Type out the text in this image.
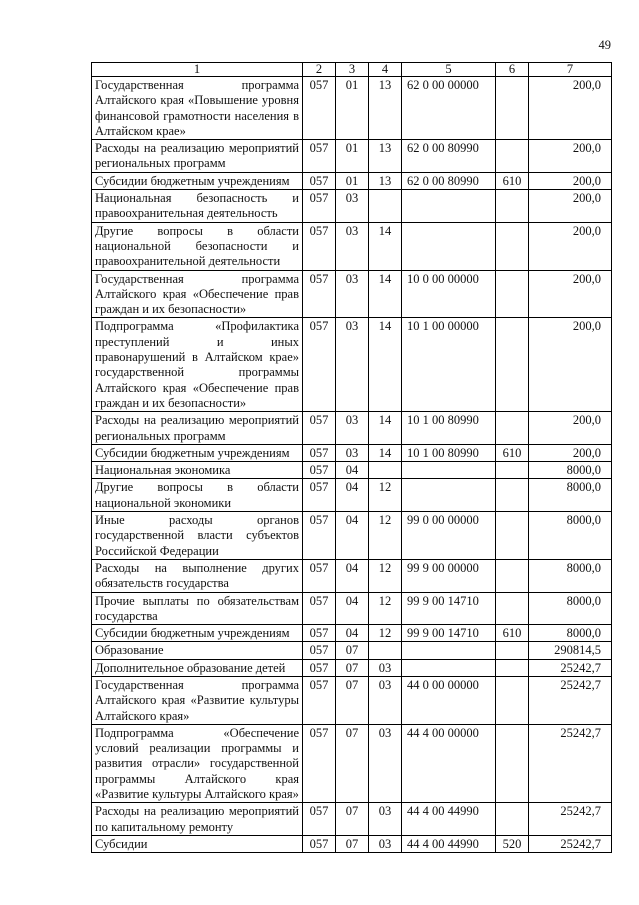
49
1	2	3	4	5	6	7
Государственная программа Алтайского края «Повышение уровня финансовой грамотности населения в Алтайском крае»	057	01	13	62 0 00 00000		200,0
Расходы на реализацию мероприятий региональных программ	057	01	13	62 0 00 80990		200,0
Субсидии бюджетным учреждениям	057	01	13	62 0 00 80990	610	200,0
Национальная безопасность и правоохранительная деятельность	057	03				200,0
Другие вопросы в области национальной безопасности и правоохранительной деятельности	057	03	14			200,0
Государственная программа Алтайского края «Обеспечение прав граждан и их безопасности»	057	03	14	10 0 00 00000		200,0
Подпрограмма «Профилактика преступлений и иных правонарушений в Алтайском крае» государственной программы Алтайского края «Обеспечение прав граждан и их безопасности»	057	03	14	10 1 00 00000		200,0
Расходы на реализацию мероприятий региональных программ	057	03	14	10 1 00 80990		200,0
Субсидии бюджетным учреждениям	057	03	14	10 1 00 80990	610	200,0
Национальная экономика	057	04				8000,0
Другие вопросы в области национальной экономики	057	04	12			8000,0
Иные расходы органов государственной власти субъектов Российской Федерации	057	04	12	99 0 00 00000		8000,0
Расходы на выполнение других обязательств государства	057	04	12	99 9 00 00000		8000,0
Прочие выплаты по обязательствам государства	057	04	12	99 9 00 14710		8000,0
Субсидии бюджетным учреждениям	057	04	12	99 9 00 14710	610	8000,0
Образование	057	07				290814,5
Дополнительное образование детей	057	07	03			25242,7
Государственная программа Алтайского края «Развитие культуры Алтайского края»	057	07	03	44 0 00 00000		25242,7
Подпрограмма «Обеспечение условий реализации программы и развития отрасли» государственной программы Алтайского края «Развитие культуры Алтайского края»	057	07	03	44 4 00 00000		25242,7
Расходы на реализацию мероприятий по капитальному ремонту	057	07	03	44 4 00 44990		25242,7
Субсидии	057	07	03	44 4 00 44990	520	25242,7
